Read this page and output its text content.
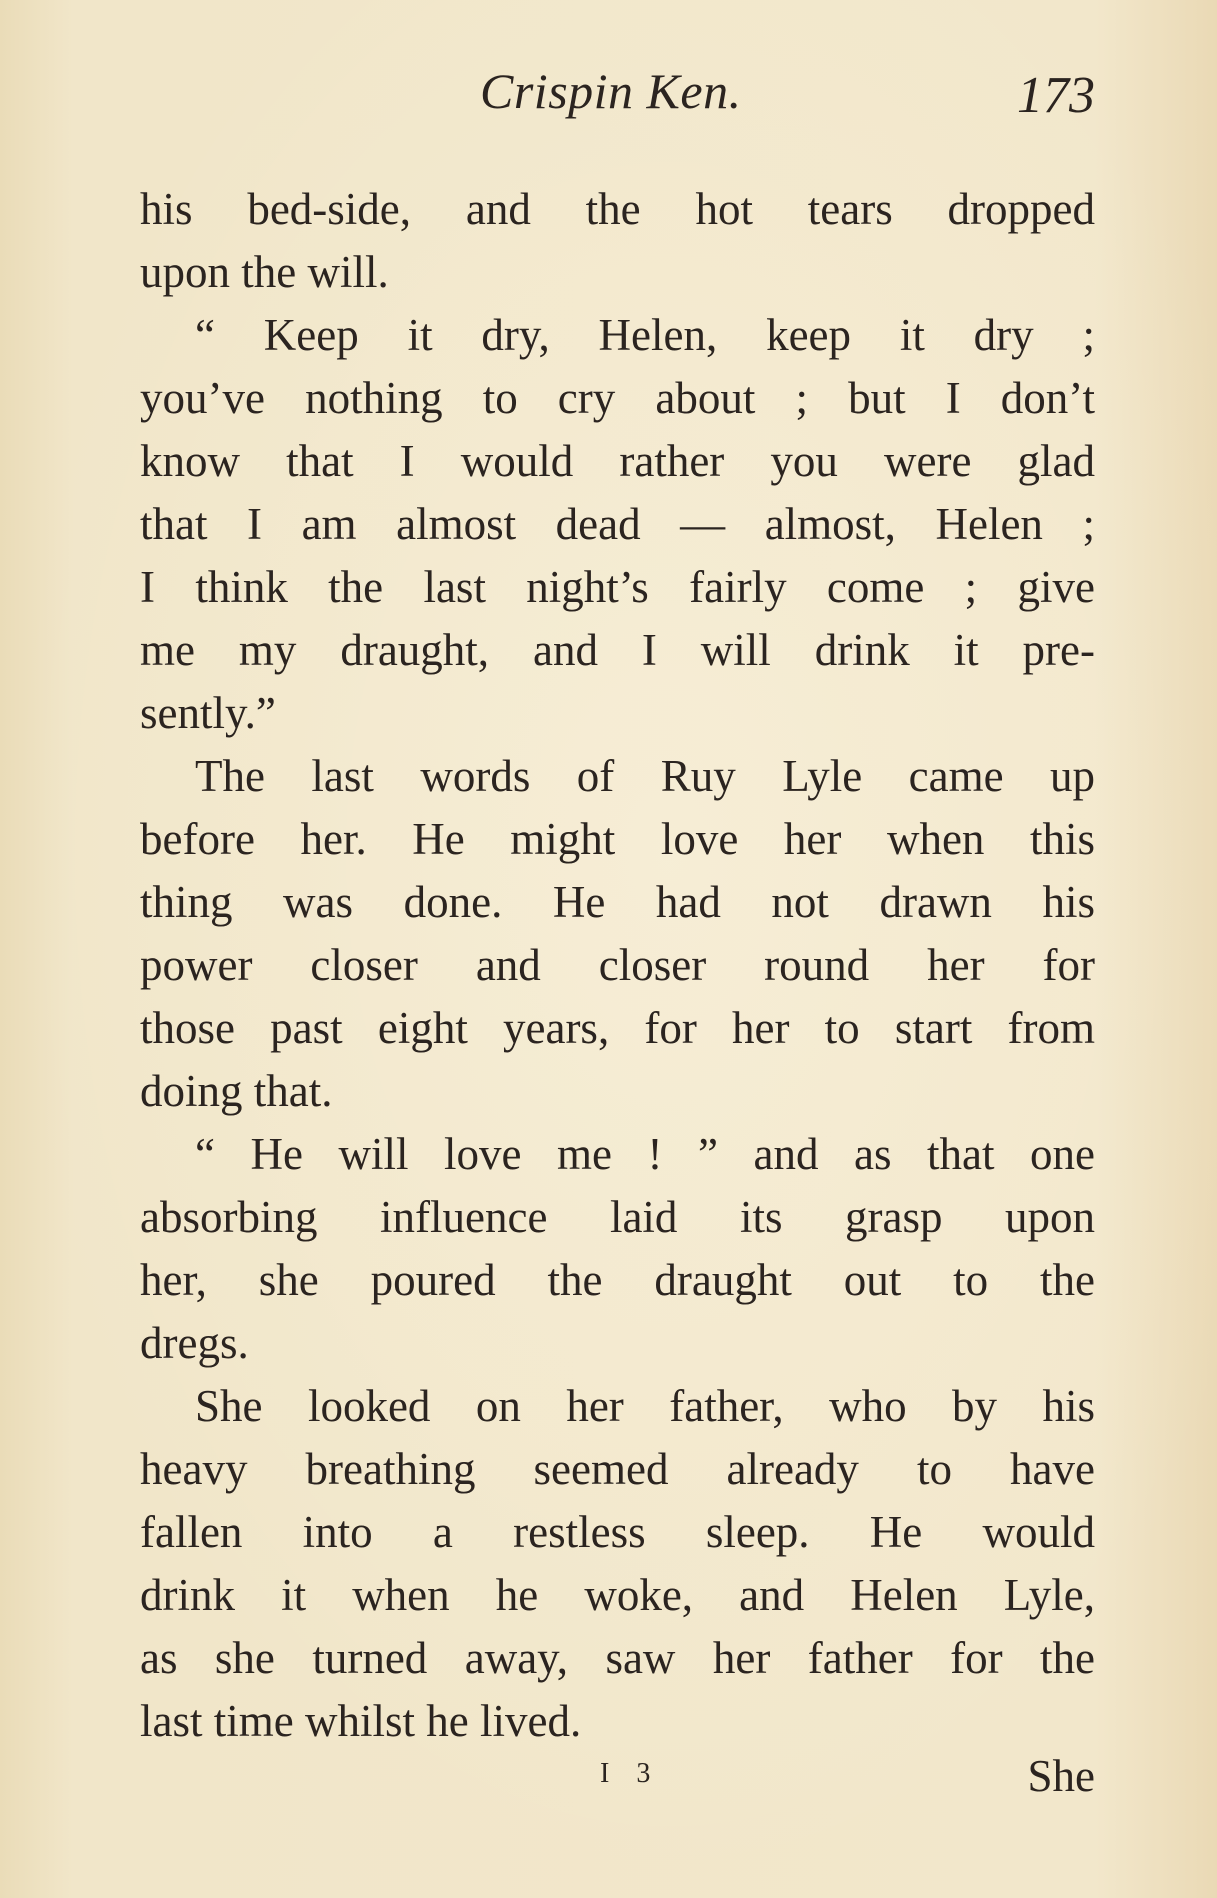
Crispin Ken.	173
his bed-side, and the hot tears dropped
upon the will.
“ Keep it dry, Helen, keep it dry ;
you’ve nothing to cry about ; but I don’t
know that I would rather you were glad
that I am almost dead — almost, Helen ;
I think the last night’s fairly come ; give
me my draught, and I will drink it pre-
sently.”
The last words of Ruy Lyle came up
before her. He might love her when this
thing was done. He had not drawn his
power closer and closer round her for
those past eight years, for her to start from
doing that.
“ He will love me ! ” and as that one
absorbing influence laid its grasp upon
her, she poured the draught out to the
dregs.
She looked on her father, who by his
heavy breathing seemed already to have
fallen into a restless sleep. He would
drink it when he woke, and Helen Lyle,
as she turned away, saw her father for the
last time whilst he lived.
I 3	She
